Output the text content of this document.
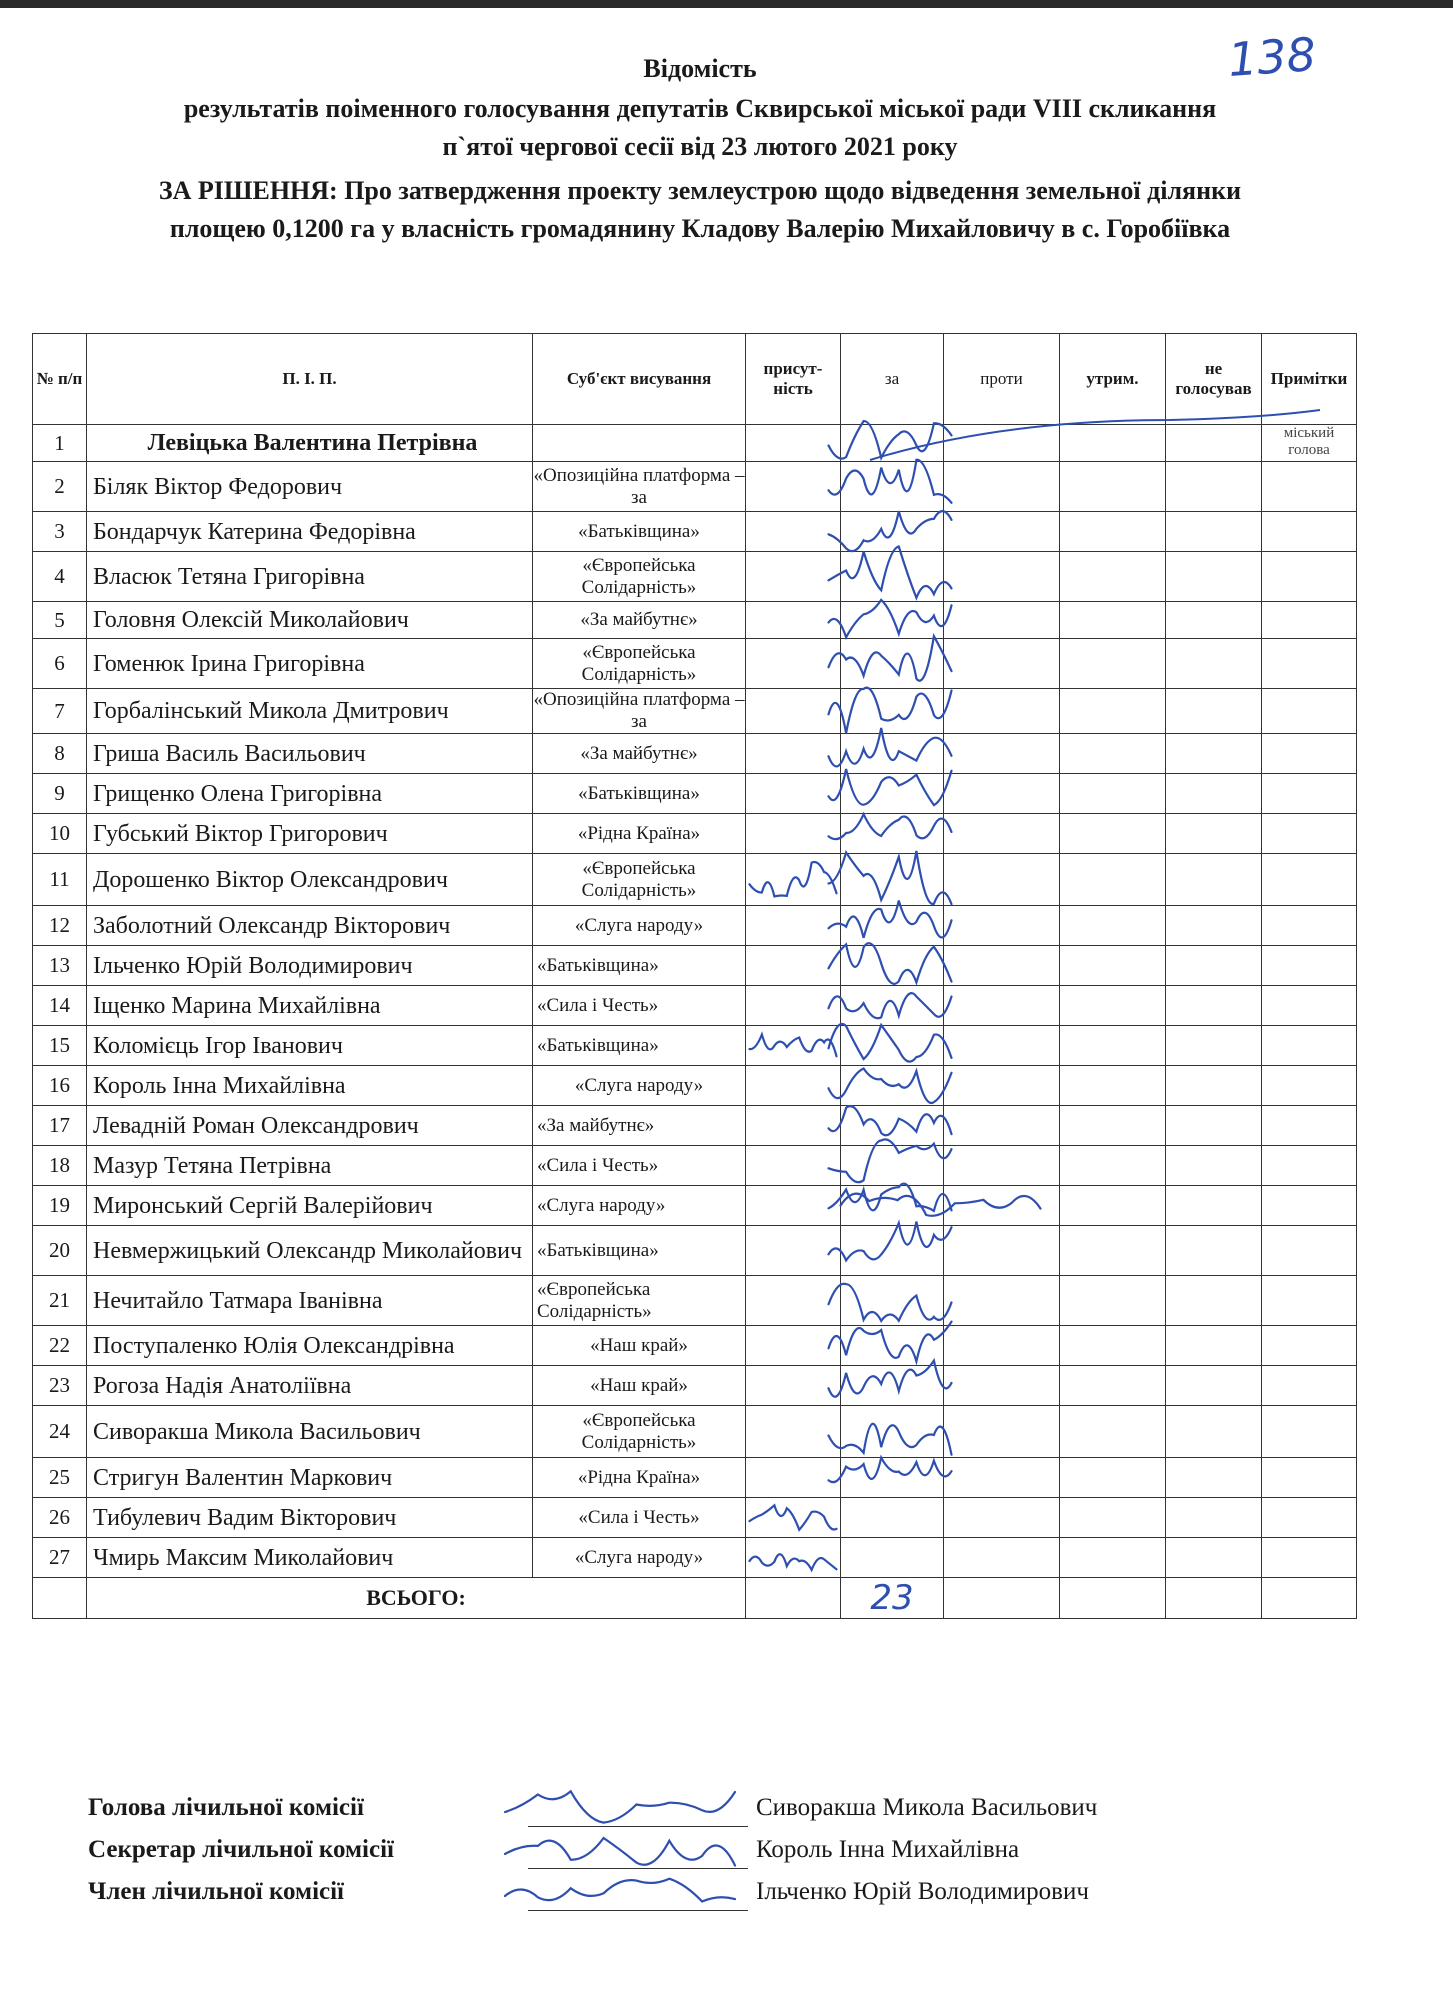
138
Відомість
результатів поіменного голосування депутатів Сквирської міської ради VIII скликання
п`ятої чергової сесії від 23 лютого 2021 року
ЗА РІШЕННЯ: Про затвердження проекту землеустрою щодо відведення земельної ділянки
площею 0,1200 га у власність громадянину Кладову Валерію Михайловичу в с. Горобіївка
№ п/п	П. І. П.	Суб'єкт висування	присут-ність	за	проти	утрим.	не голосував	Примітки
1	Левіцька Валентина Петрівна							міський голова
2	Біляк Віктор Федорович	«Опозиційна платформа – за						
3	Бондарчук Катерина Федорівна	«Батьківщина»						
4	Власюк Тетяна Григорівна	«Європейська Солідарність»						
5	Головня Олексій Миколайович	«За майбутнє»						
6	Гоменюк Ірина Григорівна	«Європейська Солідарність»						
7	Горбалінський Микола Дмитрович	«Опозиційна платформа – за						
8	Гриша Василь Васильович	«За майбутнє»						
9	Грищенко Олена Григорівна	«Батьківщина»						
10	Губський Віктор Григорович	«Рідна Країна»						
11	Дорошенко Віктор Олександрович	«Європейська Солідарність»						
12	Заболотний Олександр Вікторович	«Слуга народу»						
13	Ільченко Юрій Володимирович	«Батьківщина»						
14	Іщенко Марина Михайлівна	«Сила і Честь»						
15	Коломієць Ігор Іванович	«Батьківщина»						
16	Король Інна Михайлівна	«Слуга народу»						
17	Левадній Роман Олександрович	«За майбутнє»						
18	Мазур Тетяна Петрівна	«Сила і Честь»						
19	Миронський Сергій Валерійович	«Слуга народу»						
20	Невмержицький Олександр Миколайович	«Батьківщина»						
21	Нечитайло Татмара Іванівна	«Європейська Солідарність»						
22	Поступаленко Юлія Олександрівна	«Наш край»						
23	Рогоза Надія Анатоліївна	«Наш край»						
24	Сиворакша Микола Васильович	«Європейська Солідарність»						
25	Стригун Валентин Маркович	«Рідна Країна»						
26	Тибулевич Вадим Вікторович	«Сила і Честь»						
27	Чмирь Максим Миколайович	«Слуга народу»						
	ВСЬОГО:			23				
Голова лічильної комісії	Сиворакша Микола Васильович
Секретар лічильної комісії	Король Інна Михайлівна
Член лічильної комісії	Ільченко Юрій Володимирович
